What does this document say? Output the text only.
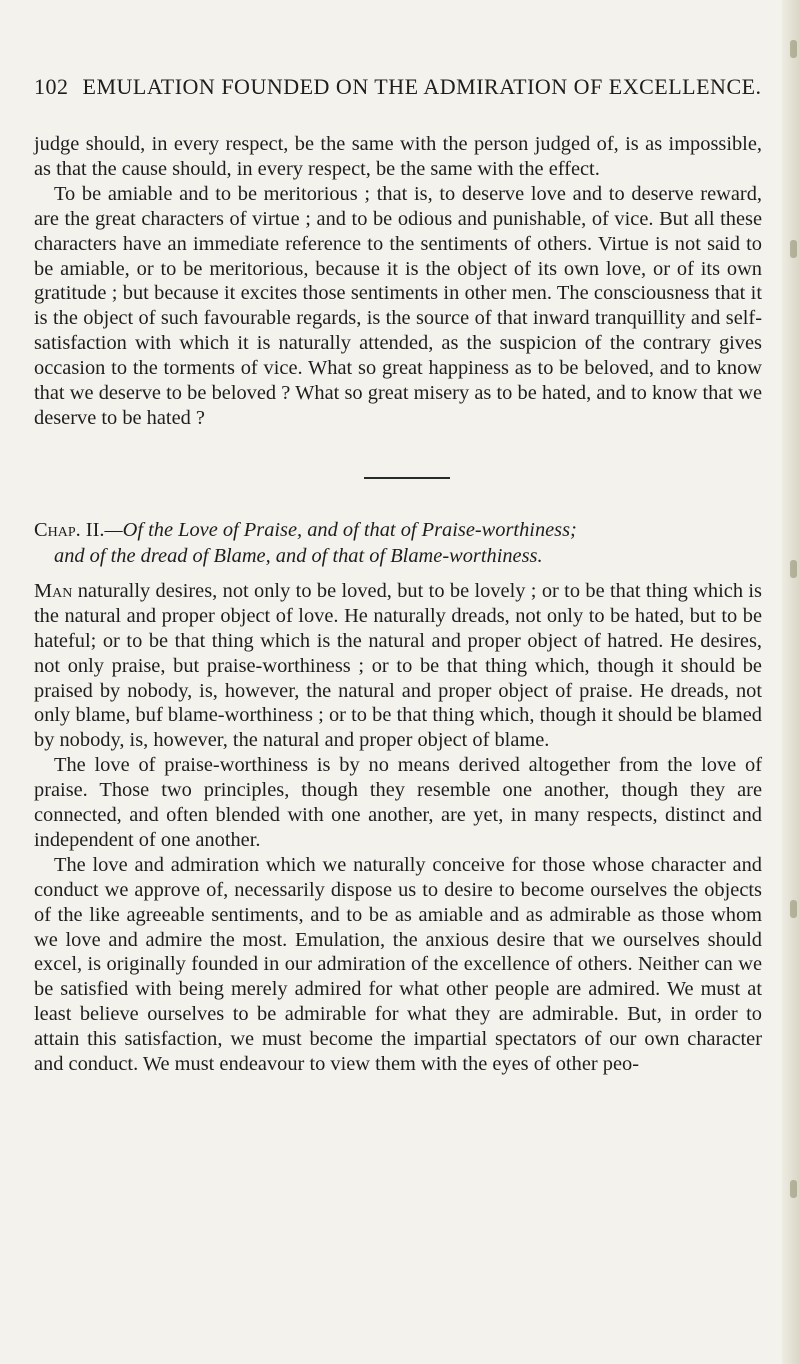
102 EMULATION FOUNDED ON THE ADMIRATION OF EXCELLENCE.

judge should, in every respect, be the same with the person judged of, is as impossible, as that the cause should, in every respect, be the same with the effect.

To be amiable and to be meritorious ; that is, to deserve love and to deserve reward, are the great characters of virtue ; and to be odious and punishable, of vice. But all these characters have an immediate reference to the sentiments of others. Virtue is not said to be amiable, or to be meritorious, because it is the object of its own love, or of its own gratitude ; but because it excites those sentiments in other men. The consciousness that it is the object of such favourable regards, is the source of that inward tranquillity and self-satisfaction with which it is naturally attended, as the suspicion of the contrary gives occasion to the torments of vice. What so great happiness as to be beloved, and to know that we deserve to be beloved ? What so great misery as to be hated, and to know that we deserve to be hated ?

Chap. II.—Of the Love of Praise, and of that of Praise-worthiness;
and of the dread of Blame, and of that of Blame-worthiness.

Man naturally desires, not only to be loved, but to be lovely ; or to be that thing which is the natural and proper object of love. He naturally dreads, not only to be hated, but to be hateful; or to be that thing which is the natural and proper object of hatred. He desires, not only praise, but praise-worthiness ; or to be that thing which, though it should be praised by nobody, is, however, the natural and proper object of praise. He dreads, not only blame, buf blame-worthiness ; or to be that thing which, though it should be blamed by nobody, is, however, the natural and proper object of blame.

The love of praise-worthiness is by no means derived altogether from the love of praise. Those two principles, though they resemble one another, though they are connected, and often blended with one another, are yet, in many respects, distinct and independent of one another.

The love and admiration which we naturally conceive for those whose character and conduct we approve of, necessarily dispose us to desire to become ourselves the objects of the like agreeable sentiments, and to be as amiable and as admirable as those whom we love and admire the most. Emulation, the anxious desire that we ourselves should excel, is originally founded in our admiration of the excellence of others. Neither can we be satisfied with being merely admired for what other people are admired. We must at least believe ourselves to be admirable for what they are admirable. But, in order to attain this satisfaction, we must become the impartial spectators of our own character and conduct. We must endeavour to view them with the eyes of other peo-
